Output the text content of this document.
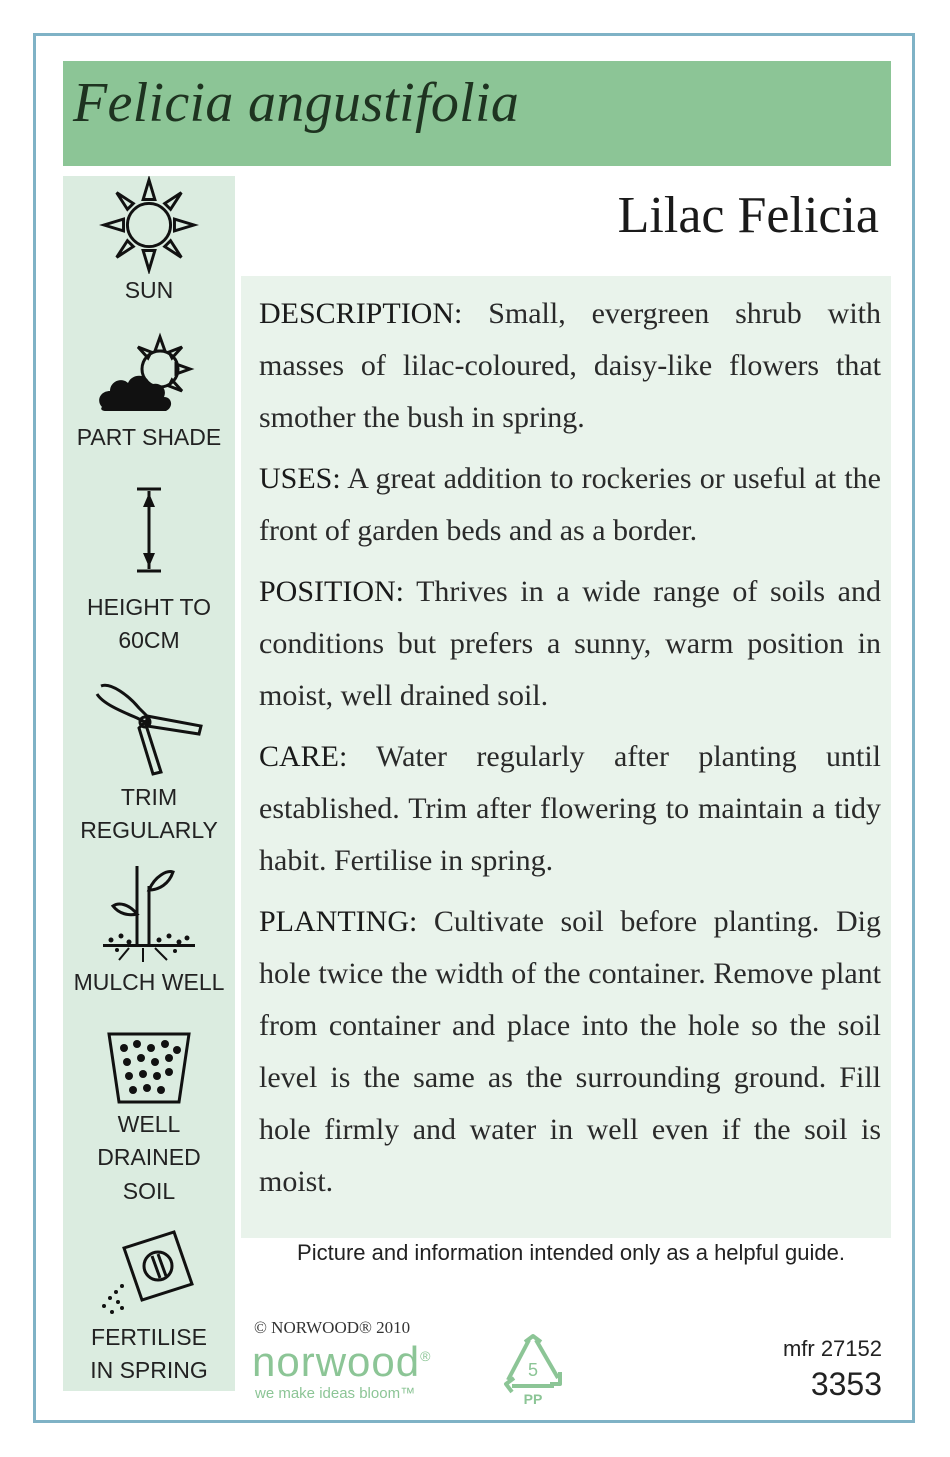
Felicia angustifolia
SUN
PART SHADE
HEIGHT TO
60CM
TRIM
REGULARLY
MULCH WELL
WELL
DRAINED
SOIL
FERTILISE
IN SPRING
Lilac Felicia

DESCRIPTION: Small, evergreen shrub with masses of lilac-coloured, daisy-like flowers that smother the bush in spring.

USES: A great addition to rockeries or useful at the front of garden beds and as a border.

POSITION: Thrives in a wide range of soils and conditions but prefers a sunny, warm position in moist, well drained soil.

CARE: Water regularly after planting until established. Trim after flowering to maintain a tidy habit. Fertilise in spring.

PLANTING: Cultivate soil before planting. Dig hole twice the width of the container. Remove plant from container and place into the hole so the soil level is the same as the surrounding ground. Fill hole firmly and water in well even if the soil is moist.

Picture and information intended only as a helpful guide.
© NORWOOD® 2010
norwood®
we make ideas bloom™
5
PP
mfr 27152
3353
